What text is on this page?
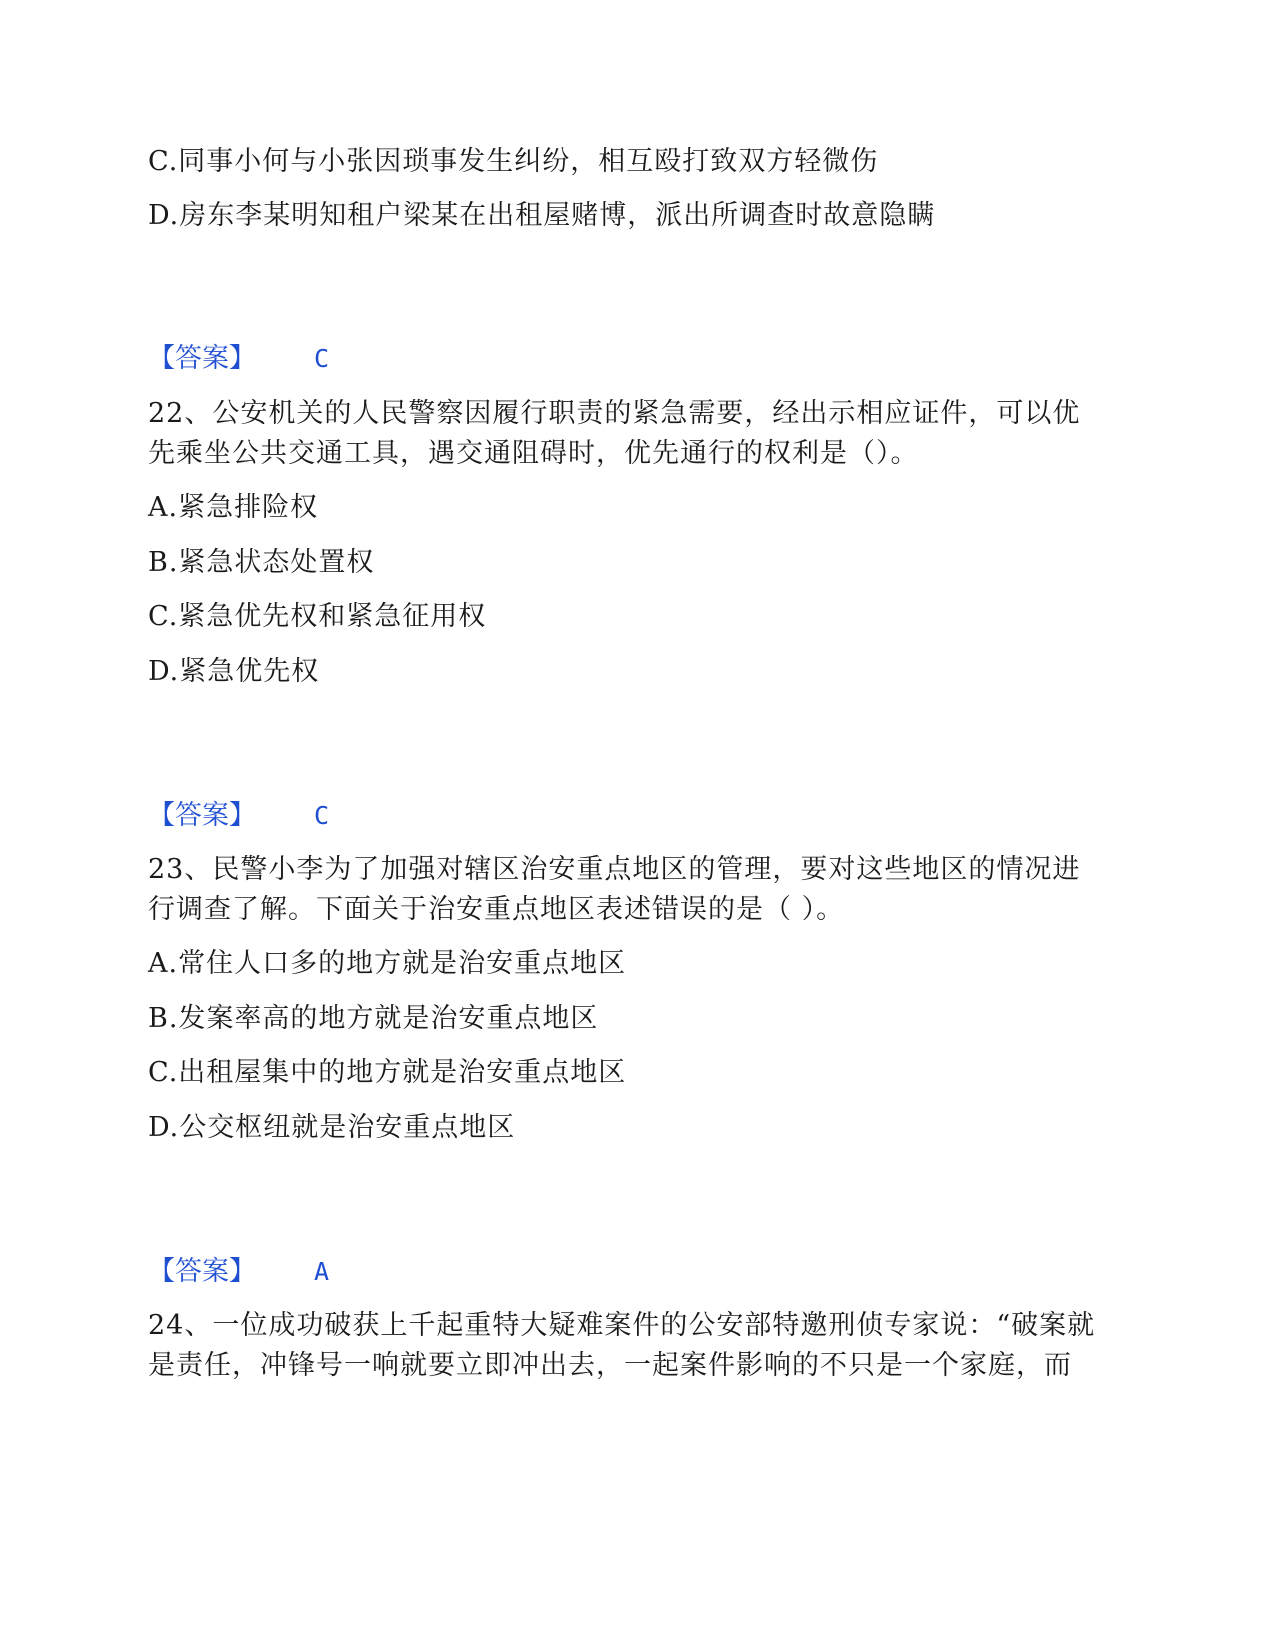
C.同事小何与小张因琐事发生纠纷，相互殴打致双方轻微伤
D.房东李某明知租户梁某在出租屋赌博，派出所调查时故意隐瞒
【答案】 C
22、公安机关的人民警察因履行职责的紧急需要，经出示相应证件，可以优
先乘坐公共交通工具，遇交通阻碍时，优先通行的权利是（）。
A.紧急排险权
B.紧急状态处置权
C.紧急优先权和紧急征用权
D.紧急优先权
【答案】 C
23、民警小李为了加强对辖区治安重点地区的管理，要对这些地区的情况进
行调查了解。下面关于治安重点地区表述错误的是（ ）。
A.常住人口多的地方就是治安重点地区
B.发案率高的地方就是治安重点地区
C.出租屋集中的地方就是治安重点地区
D.公交枢纽就是治安重点地区
【答案】 A
24、一位成功破获上千起重特大疑难案件的公安部特邀刑侦专家说：“破案就
是责任，冲锋号一响就要立即冲出去，一起案件影响的不只是一个家庭，而
